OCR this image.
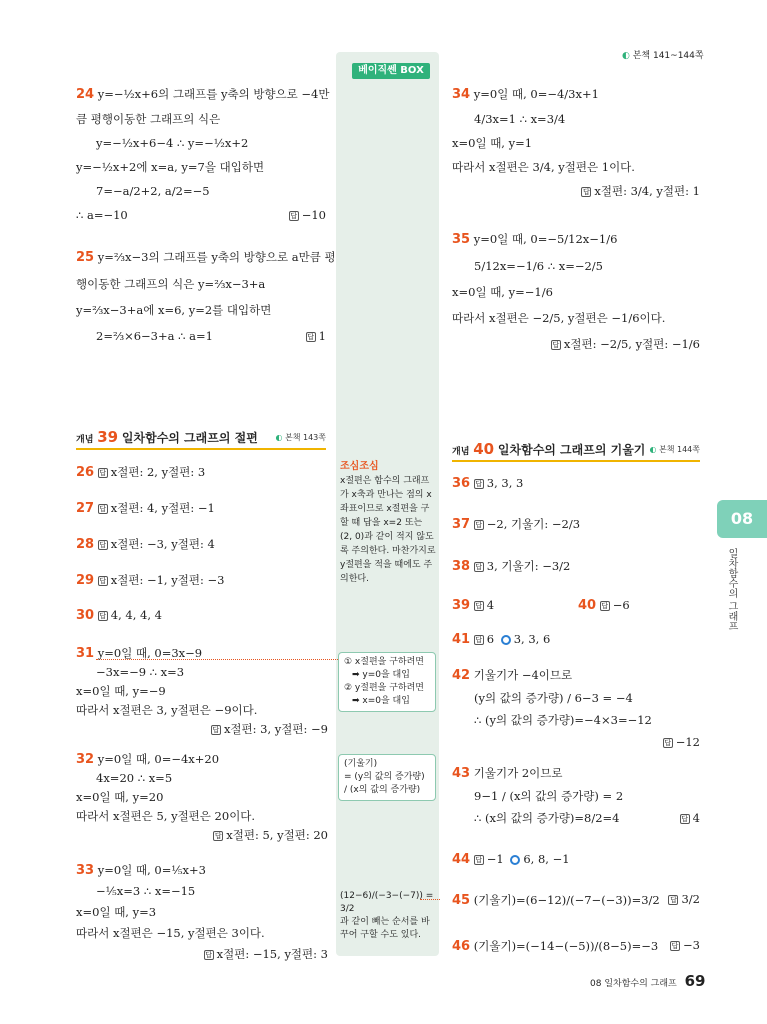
◐ 본책 141~144쪽
베이직쎈 BOX
24 y=−½x+6의 그래프를 y축의 방향으로 −4만
큼 평행이동한 그래프의 식은
y=−½x+6−4 ∴ y=−½x+2
y=−½x+2에 x=a, y=7을 대입하면
7=−a/2+2, a/2=−5
∴ a=−10	답 −10
25 y=⅔x−3의 그래프를 y축의 방향으로 a만큼 평
행이동한 그래프의 식은 y=⅔x−3+a
y=⅔x−3+a에 x=6, y=2를 대입하면
2=⅔×6−3+a ∴ a=1	답 1
34 y=0일 때, 0=−4/3x+1
4/3x=1 ∴ x=3/4
x=0일 때, y=1
따라서 x절편은 3/4, y절편은 1이다.
답 x절편: 3/4, y절편: 1
35 y=0일 때, 0=−5/12x−1/6
5/12x=−1/6 ∴ x=−2/5
x=0일 때, y=−1/6
따라서 x절편은 −2/5, y절편은 −1/6이다.
답 x절편: −2/5, y절편: −1/6
개념 39 일차함수의 그래프의 절편 ◐ 본책 143쪽
개념 40 일차함수의 그래프의 기울기 ◐ 본책 144쪽
26 답 x절편: 2, y절편: 3
27 답 x절편: 4, y절편: −1
28 답 x절편: −3, y절편: 4
29 답 x절편: −1, y절편: −3
30 답 4, 4, 4, 4
31 y=0일 때, 0=3x−9
−3x=−9 ∴ x=3
x=0일 때, y=−9
따라서 x절편은 3, y절편은 −9이다.
답 x절편: 3, y절편: −9
32 y=0일 때, 0=−4x+20
4x=20 ∴ x=5
x=0일 때, y=20
따라서 x절편은 5, y절편은 20이다.
답 x절편: 5, y절편: 20
33 y=0일 때, 0=⅕x+3
−⅕x=3 ∴ x=−15
x=0일 때, y=3
따라서 x절편은 −15, y절편은 3이다.
답 x절편: −15, y절편: 3
조심조심
x절편은 함수의 그래프가 x축과 만나는 점의 x좌표이므로 x절편을 구할 때 답을 x=2 또는 (2, 0)과 같이 적지 않도록 주의한다. 마찬가지로 y절편을 적을 때에도 주의한다.
① x절편을 구하려면
➡ y=0을 대입
② y절편을 구하려면
➡ x=0을 대입
(기울기)
= (y의 값의 증가량) / (x의 값의 증가량)
(12−6)/(−3−(−7)) = 3/2
과 같이 빼는 순서를 바꾸어 구할 수도 있다.
36 답 3, 3, 3
37 답 −2, 기울기: −2/3
38 답 3, 기울기: −3/2
39 답 4	40 답 −6
41 답 6 3, 3, 6
42 기울기가 −4이므로
(y의 값의 증가량) / 6−3 = −4
∴ (y의 값의 증가량)=−4×3=−12
답 −12
43 기울기가 2이므로
9−1 / (x의 값의 증가량) = 2
∴ (x의 값의 증가량)=8/2=4	답 4
44 답 −1 6, 8, −1
45 (기울기)=(6−12)/(−7−(−3))=3/2 답 3/2
46 (기울기)=(−14−(−5))/(8−5)=−3 답 −3
08
일차함수의 그래프
08 일차함수의 그래프 69
